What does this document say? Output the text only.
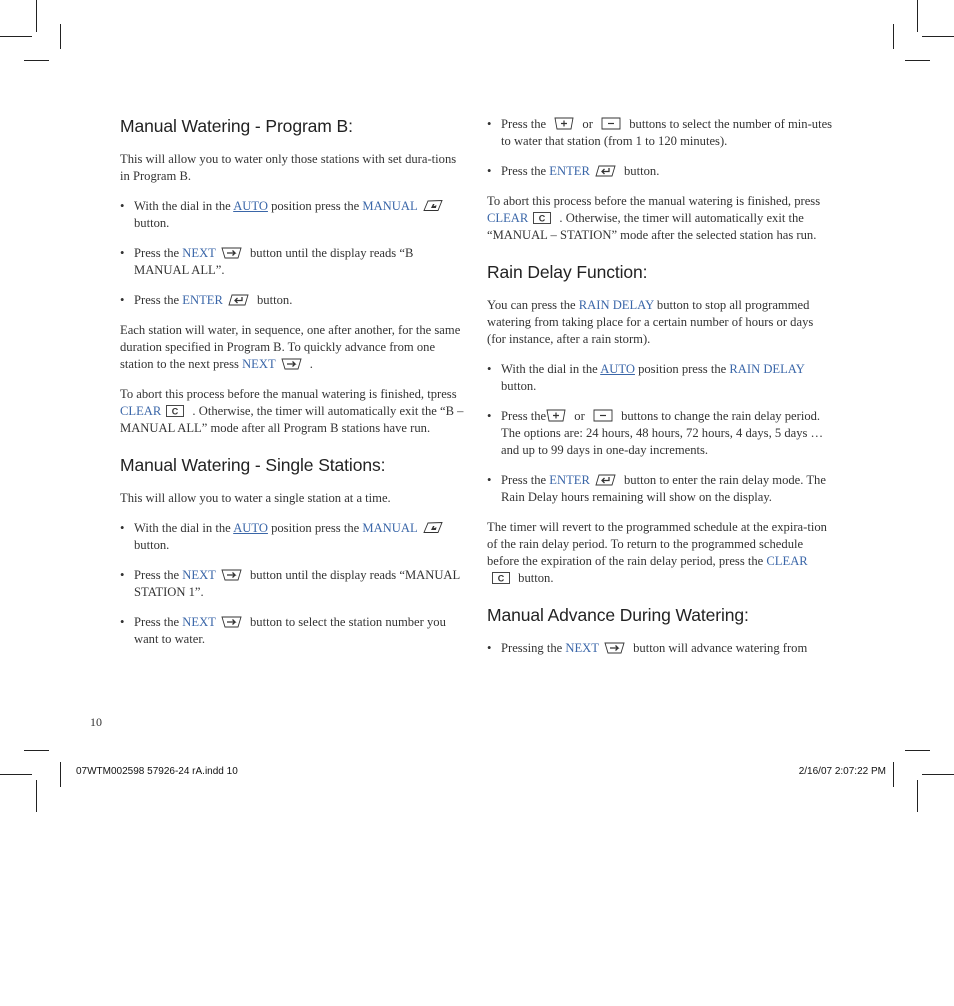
Manual Watering - Program B:

This will allow you to water only those stations with set dura-tions in Program B.

• With the dial in the AUTO position press the MANUAL

button.

• Press the NEXT
button until the display reads “B MANUAL ALL”.

• Press the ENTER
button.

Each station will water, in sequence, one after another, for the same duration specified in Program B. To quickly advance from one station to the next press NEXT
.

To abort this process before the manual watering is finished, tpress CLEAR C . Otherwise, the timer will automatically exit the “B – MANUAL ALL” mode after all Program B stations have run.

Manual Watering - Single Stations:

This will allow you to water a single station at a time.

• With the dial in the AUTO position press the MANUAL

button.

• Press the NEXT
button until the display reads “MANUAL STATION 1”.

• Press the NEXT
button to select the station number you want to water.

• Press the
or
buttons to select the number of min-utes to water that station (from 1 to 120 minutes).

• Press the ENTER
button.

To abort this process before the manual watering is finished, press CLEAR C . Otherwise, the timer will automatically exit the “MANUAL – STATION” mode after the selected station has run.

Rain Delay Function:

You can press the RAIN DELAY button to stop all programmed watering from taking place for a certain number of hours or days (for instance, after a rain storm).

• With the dial in the AUTO position press the RAIN DELAY button.

• Press the
or
buttons to change the rain delay period. The options are: 24 hours, 48 hours, 72 hours, 4 days, 5 days … and up to 99 days in one-day increments.

• Press the ENTER
button to enter the rain delay mode. The Rain Delay hours remaining will show on the display.

The timer will revert to the programmed schedule at the expira-tion of the rain delay period. To return to the programmed schedule before the expiration of the rain delay period, press the CLEAR
C button.

Manual Advance During Watering:

• Pressing the NEXT
button will advance watering from

10
07WTM002598 57926-24 rA.indd 10	2/16/07 2:07:22 PM
